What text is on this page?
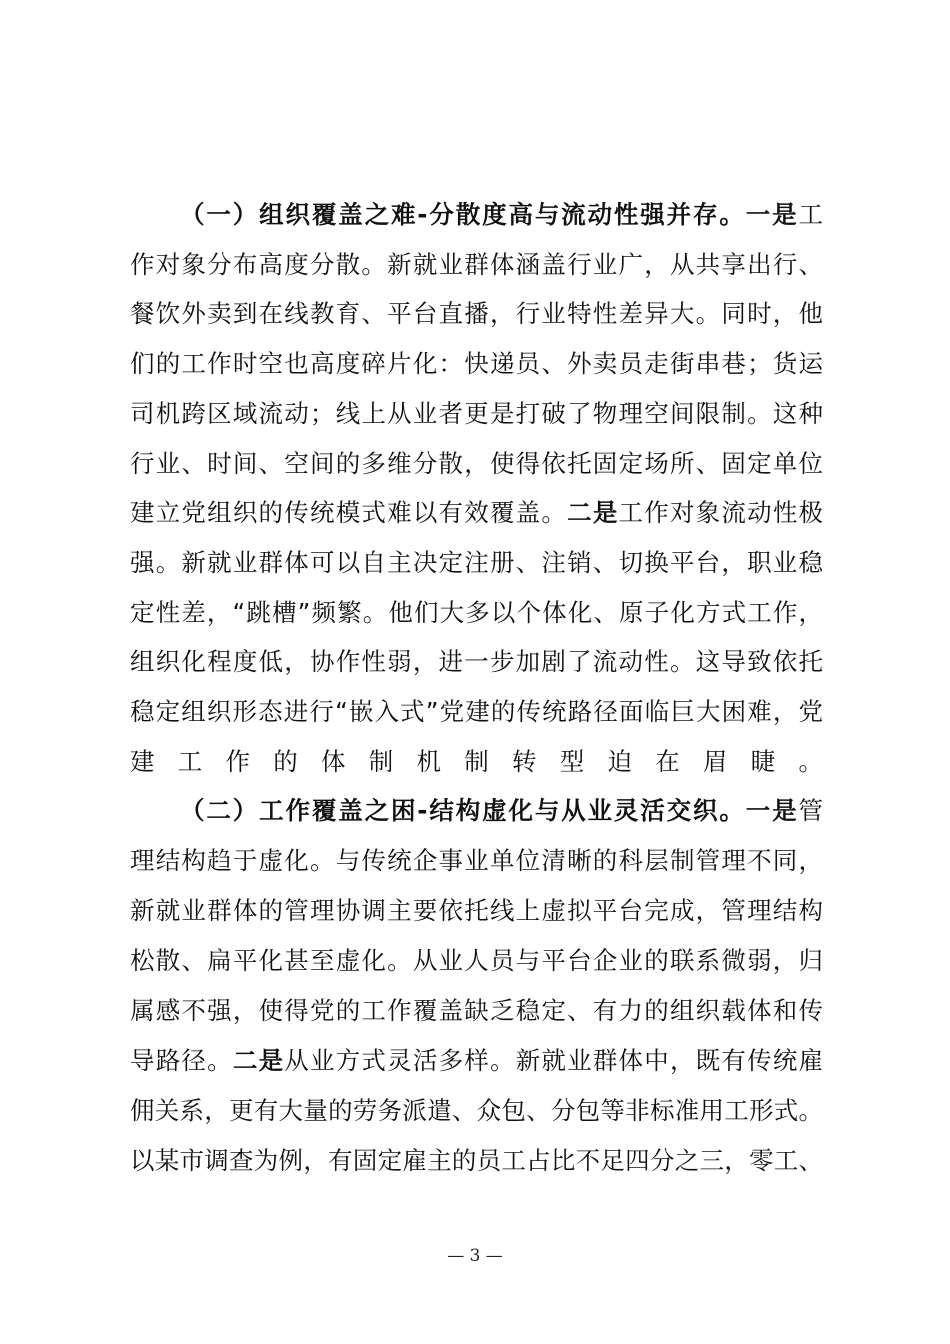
— 3 —
（一）组织覆盖之难-分散度高与流动性强并存。一是工
作对象分布高度分散。新就业群体涵盖行业广，从共享出行、
餐饮外卖到在线教育、平台直播，行业特性差异大。同时，他
们的工作时空也高度碎片化：快递员、外卖员走街串巷；货运
司机跨区域流动；线上从业者更是打破了物理空间限制。这种
行业、时间、空间的多维分散，使得依托固定场所、固定单位
建立党组织的传统模式难以有效覆盖。二是工作对象流动性极
强。新就业群体可以自主决定注册、注销、切换平台，职业稳
定性差，“跳槽”频繁。他们大多以个体化、原子化方式工作，
组织化程度低，协作性弱，进一步加剧了流动性。这导致依托
稳定组织形态进行“嵌入式”党建的传统路径面临巨大困难，党
建工作的体制机制转型迫在眉睫。
（二）工作覆盖之困-结构虚化与从业灵活交织。一是管
理结构趋于虚化。与传统企事业单位清晰的科层制管理不同，
新就业群体的管理协调主要依托线上虚拟平台完成，管理结构
松散、扁平化甚至虚化。从业人员与平台企业的联系微弱，归
属感不强，使得党的工作覆盖缺乏稳定、有力的组织载体和传
导路径。二是从业方式灵活多样。新就业群体中，既有传统雇
佣关系，更有大量的劳务派遣、众包、分包等非标准用工形式。
以某市调查为例，有固定雇主的员工占比不足四分之三，零工、
